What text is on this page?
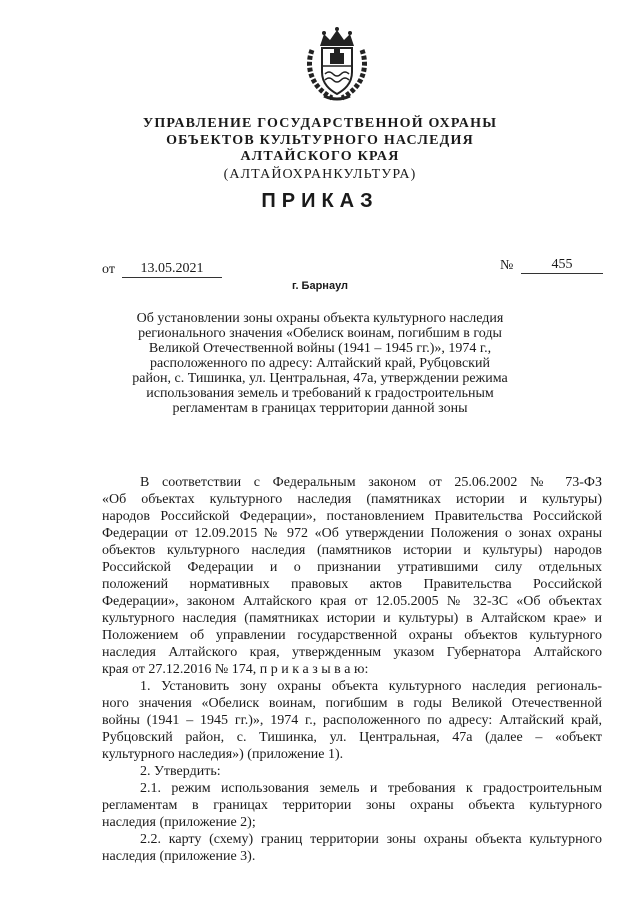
УПРАВЛЕНИЕ ГОСУДАРСТВЕННОЙ ОХРАНЫ
ОБЪЕКТОВ КУЛЬТУРНОГО НАСЛЕДИЯ
АЛТАЙСКОГО КРАЯ
(АЛТАЙОХРАНКУЛЬТУРА)
ПРИКАЗ
от	13.05.2021	№	455
г. Барнаул
Об установлении зоны охраны объекта культурного наследия
регионального значения «Обелиск воинам, погибшим в годы
Великой Отечественной войны (1941 – 1945 гг.)», 1974 г.,
расположенного по адресу: Алтайский край, Рубцовский
район, с. Тишинка, ул. Центральная, 47а, утверждении режима
использования земель и требований к градостроительным
регламентам в границах территории данной зоны
В соответствии с Федеральным законом от 25.06.2002 № 73-ФЗ
«Об объектах культурного наследия (памятниках истории и культуры)
народов Российской Федерации», постановлением Правительства Российской
Федерации от 12.09.2015 № 972 «Об утверждении Положения о зонах охраны
объектов культурного наследия (памятников истории и культуры) народов
Российской Федерации и о признании утратившими силу отдельных
положений нормативных правовых актов Правительства Российской
Федерации», законом Алтайского края от 12.05.2005 № 32-ЗС «Об объектах
культурного наследия (памятниках истории и культуры) в Алтайском крае» и
Положением об управлении государственной охраны объектов культурного
наследия Алтайского края, утвержденным указом Губернатора Алтайского
края от 27.12.2016 № 174, п р и к а з ы в а ю:
1. Установить зону охраны объекта культурного наследия региональ-
ного значения «Обелиск воинам, погибшим в годы Великой Отечественной
войны (1941 – 1945 гг.)», 1974 г., расположенного по адресу: Алтайский край,
Рубцовский район, с. Тишинка, ул. Центральная, 47а (далее – «объект
культурного наследия») (приложение 1).
2. Утвердить:
2.1. режим использования земель и требования к градостроительным
регламентам в границах территории зоны охраны объекта культурного
наследия (приложение 2);
2.2. карту (схему) границ территории зоны охраны объекта культурного
наследия (приложение 3).
